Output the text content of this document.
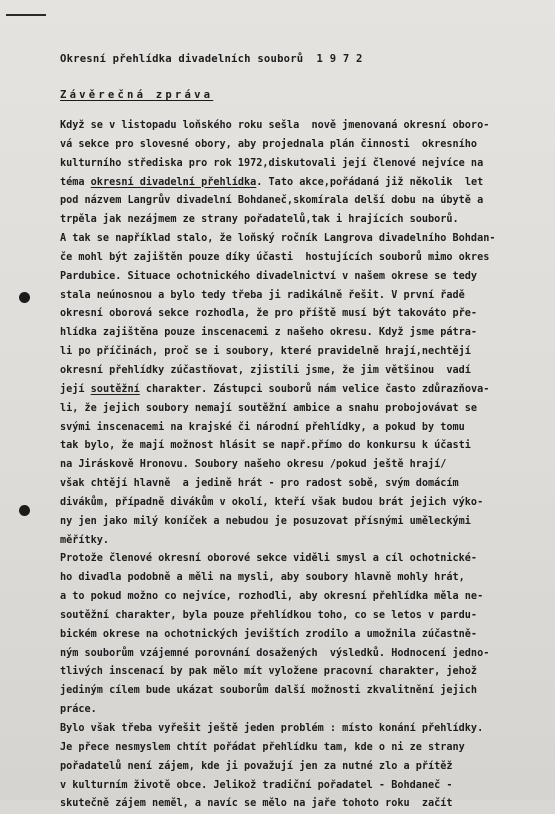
Okresní přehlídka divadelních souborů  1 9 7 2
Závěrečná zpráva
Když se v listopadu loňského roku sešla  nově jmenovaná okresní oboro-
vá sekce pro slovesné obory, aby projednala plán činnosti  okresního
kulturního střediska pro rok 1972,diskutovali její členové nejvíce na
téma okresní divadelní přehlídka. Tato akce,pořádaná již několik  let
pod názvem Langrův divadelní Bohdaneč,skomírala delší dobu na úbytě a
trpěla jak nezájmem ze strany pořadatelů,tak i hrajících souborů.
A tak se například stalo, že loňský ročník Langrova divadelního Bohdan-
če mohl být zajištěn pouze díky účasti  hostujících souborů mimo okres
Pardubice. Situace ochotnického divadelnictví v našem okrese se tedy
stala neúnosnou a bylo tedy třeba ji radikálně řešit. V první řadě
okresní oborová sekce rozhodla, že pro příště musí být takováto pře-
hlídka zajištěna pouze inscenacemi z našeho okresu. Když jsme pátra-
li po příčinách, proč se i soubory, které pravidelně hrají,nechtějí
okresní přehlídky zúčastňovat, zjistili jsme, že jim většinou  vadí
její soutěžní charakter. Zástupci souborů nám velice často zdůrazňova-
li, že jejich soubory nemají soutěžní ambice a snahu probojovávat se
svými inscenacemi na krajské či národní přehlídky, a pokud by tomu
tak bylo, že mají možnost hlásit se např.přímo do konkursu k účasti
na Jiráskově Hronovu. Soubory našeho okresu /pokud ještě hrají/
však chtějí hlavně  a jedině hrát - pro radost sobě, svým domácím
divákům, případně divákům v okolí, kteří však budou brát jejich výko-
ny jen jako milý koníček a nebudou je posuzovat přísnými uměleckými
měřítky.
Protože členové okresní oborové sekce viděli smysl a cíl ochotnické-
ho divadla podobně a měli na mysli, aby soubory hlavně mohly hrát,
a to pokud možno co nejvíce, rozhodli, aby okresní přehlídka měla ne-
soutěžní charakter, byla pouze přehlídkou toho, co se letos v pardu-
bickém okrese na ochotnických jevištích zrodilo a umožnila zúčastně-
ným souborům vzájemné porovnání dosažených  výsledků. Hodnocení jedno-
tlivých inscenací by pak mělo mít vyložene pracovní charakter, jehož
jediným cílem bude ukázat souborům další možnosti zkvalitnění jejich
práce.
Bylo však třeba vyřešit ještě jeden problém : místo konání přehlídky.
Je přece nesmyslem chtít pořádat přehlídku tam, kde o ni ze strany
pořadatelů není zájem, kde ji považují jen za nutné zlo a přítěž
v kulturním životě obce. Jelikož tradiční pořadatel - Bohdaneč -
skutečně zájem neměl, a navíc se mělo na jaře tohoto roku  začít
